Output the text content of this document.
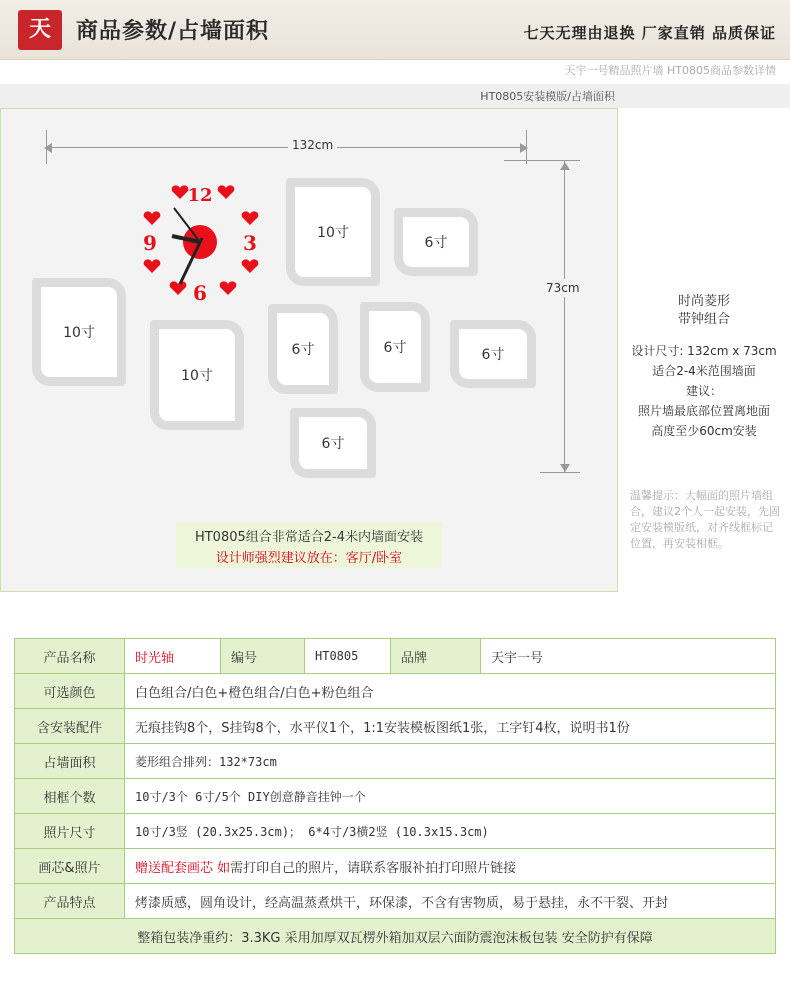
天	商品参数/占墙面积	七天无理由退换 厂家直销 品质保证
天宇一号精品照片墙 HT0805商品参数详情
HT0805安装模版/占墙面积
132cm
73cm
10寸
6寸
10寸
10寸
6寸	6寸	6寸
6寸
12
3
6
9
HT0805组合非常适合2-4米内墙面安装
设计师强烈建议放在：客厅/卧室
时尚菱形
带钟组合
设计尺寸: 132cm x 73cm
适合2-4米范围墙面
建议：
照片墙最底部位置离地面
高度至少60cm安装
温馨提示：大幅面的照片墙组合，建议2个人一起安装，先固定安装模版纸，对齐线框标记位置，再安装相框。
产品名称	时光轴	编号	HT0805	品牌	天宇一号
可选颜色	白色组合/白色+橙色组合/白色+粉色组合				
含安装配件	无痕挂钩8个，S挂钩8个，水平仪1个，1:1安装模板图纸1张，工字钉4枚，说明书1份				
占墙面积	菱形组合排列：132*73cm				
相框个数	10寸/3个 6寸/5个 DIY创意静音挂钟一个				
照片尺寸	10寸/3竖 (20.3x25.3cm)； 6*4寸/3横2竖 (10.3x15.3cm)				
画芯&照片	赠送配套画芯 如需打印自己的照片，请联系客服补拍打印照片链接				
产品特点	烤漆质感，圆角设计，经高温蒸煮烘干，环保漆，不含有害物质，易于悬挂，永不干裂、开封				
整箱包装净重约：3.3KG 采用加厚双瓦楞外箱加双层六面防震泡沫板包装 安全防护有保障					
